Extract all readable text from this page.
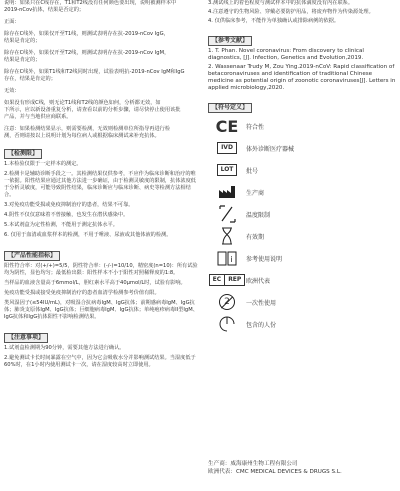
说明：如果只在C线存在，T1和T2线没有任何颜色要出现，说明被测样本中

2019-nCov抗体，结果是否定的；

正面：

除存在C线外，如果仅开至T1线，则测试表明存在抗-2019-nCov IgG，

结果是肯定的；

除存在C线外，如果仅开至T2线，则测试表明存在抗-2019-nCov IgM，

结果是肯定的；

除存在C线外，如果T1线和T2线同时出现，试验表明抗-2019-nCov IgM和IgG

存在，结果是肯定的；

无效：

如果没有形成C线，则无论T1线和T2线的颜色如何，分析都无效，如

下所示，应以新设备重复分析，请查看以前的分析步骤，请尽快停止使用该批

产品，并与当地供应商联系。

注意：如果检测结果显示，则需要检测，无效则检测单位所指导再进行检

测，否则请按以上说明计划为每位病人或根据临床测试来补充抗体。

【检测限】

1.本检验仅限于一定样本的测定。

2.检测卡是辅助诊断手段之一。其检测结果仅供参考，不应作为临床诊断和治疗的唯一依据。阳性结果应通过其他方法进一步确证，由于检测灵敏度的限制，抗体浓度低于分析灵敏度，可能导致阴性结果，临床诊断应与临床诊断、病史等检测方法相结合。

3.对免疫功能受损或免疫抑制治疗的患者，结果不可靠。

4.阴性不仅仅意味着不曾接触，也发生在潜伏感染中。

5.本试剂盒为定性检测，不能用于测定抗体水平。

6. 仅用于血清或血浆样本的检测，不用于唾液、尿液或其他体液的检测。

【产品性能指标】

阳性符合率：对(+/+)=5/5，阴性符合率：(-/-)=10/10，精密度(n=10)：所有试验均为阴性，显色均匀；最低检出限：阳性样本不小于阳性对照稀释度的1:8。

当样品的血液含量高于6mmol/L，胆红素水平高于40μmol/L时，试验有影响。

免疫功能受损或接受免疫抑制治疗的患者血清学检测参考价值有限。

类风湿因子(≤54IU/mL)，对吸湿合抗病毒IgM、IgG抗体；前期感病毒IgM、IgG抗体；肺炎支原体IgM、IgG抗体；巨细胞病毒IgM、IgG抗体；单纯疱疹病毒II型IgM、IgG抗体和IgG抗体阳性不影响检测结果。

【注意事项】

1.试剂盒检测期为90分钟，需要其他方法进行确认。

2.避免测试卡长时间暴露在空气中，因为它会吸收水分并影响测试结果。当湿度低于60%时，在1小时内使用测试卡一次，请在湿度较高时立即使用。

3.测试线上的着色程度与测试样本中的抗体滴度没有内在联系。

4.注意遵守的生物风险、穿戴必要防护用品，将废弃物作为传染源处理。

4. 仅供临床参考，不能作为单独确认或排除病例的依据。

【参考文献】

1. T. Phan. Novel coronavirus: From discovery to clinical diagnostics, [J]. Infection, Genetics and Evolution,2019.

2. Wassenaar Trudy M, Zou Ying.2019-nCoV: Rapid classification of betacoronaviruses and identification of traditional Chinese medicine as potential origin of zoonotic coronaviruses[J]. Letters in applied microbiology,2020.

【符号定义】
CE 符合性
IVD	体外诊断医疗器械
LOT	批号
生产商
温度限制
有效期
i 参考使用说明
EC	REP 欧洲代表
2	一次性使用
包含的人份

生产商：威海康州生物工程有限公司

欧洲代表：CMC MEDICAL DEVICES & DRUGS S.L.
